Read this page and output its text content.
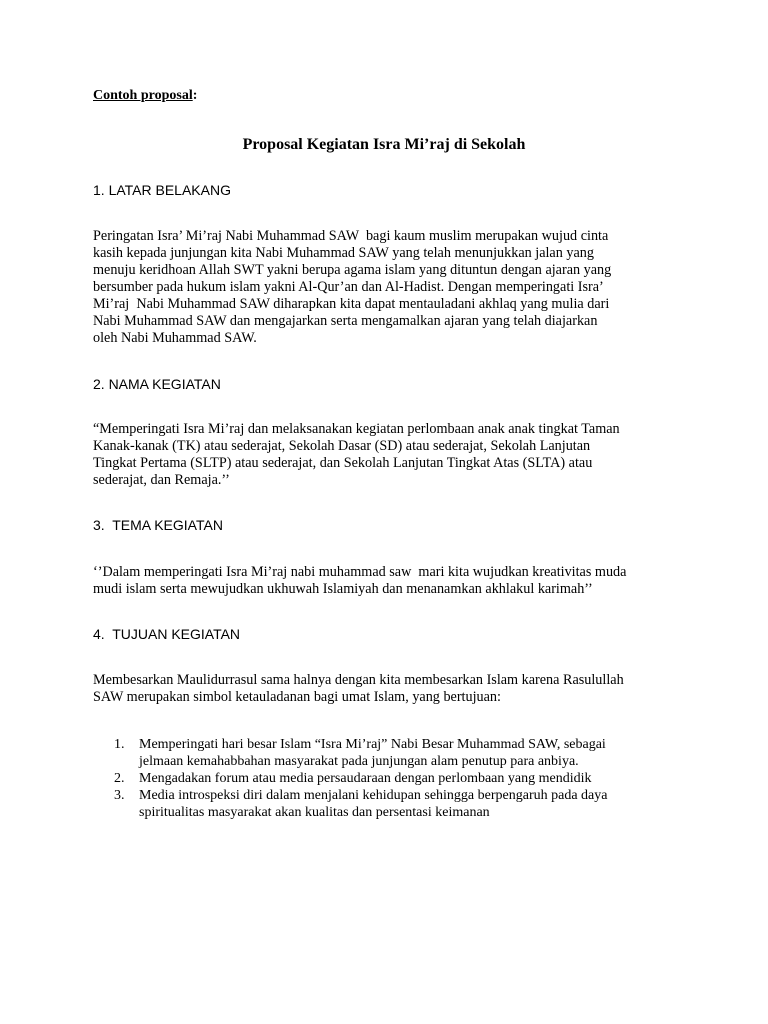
Contoh proposal:
Proposal Kegiatan Isra Mi’raj di Sekolah
1. LATAR BELAKANG
Peringatan Isra’ Mi’raj Nabi Muhammad SAW  bagi kaum muslim merupakan wujud cinta
kasih kepada junjungan kita Nabi Muhammad SAW yang telah menunjukkan jalan yang
menuju keridhoan Allah SWT yakni berupa agama islam yang dituntun dengan ajaran yang
bersumber pada hukum islam yakni Al-Qur’an dan Al-Hadist. Dengan memperingati Isra’
Mi’raj  Nabi Muhammad SAW diharapkan kita dapat mentauladani akhlaq yang mulia dari
Nabi Muhammad SAW dan mengajarkan serta mengamalkan ajaran yang telah diajarkan
oleh Nabi Muhammad SAW.
2. NAMA KEGIATAN
“Memperingati Isra Mi’raj dan melaksanakan kegiatan perlombaan anak anak tingkat Taman
Kanak-kanak (TK) atau sederajat, Sekolah Dasar (SD) atau sederajat, Sekolah Lanjutan
Tingkat Pertama (SLTP) atau sederajat, dan Sekolah Lanjutan Tingkat Atas (SLTA) atau
sederajat, dan Remaja.’’
3.  TEMA KEGIATAN
‘’Dalam memperingati Isra Mi’raj nabi muhammad saw  mari kita wujudkan kreativitas muda
mudi islam serta mewujudkan ukhuwah Islamiyah dan menanamkan akhlakul karimah’’
4.  TUJUAN KEGIATAN
Membesarkan Maulidurrasul sama halnya dengan kita membesarkan Islam karena Rasulullah
SAW merupakan simbol ketauladanan bagi umat Islam, yang bertujuan:
1. Memperingati hari besar Islam “Isra Mi’raj” Nabi Besar Muhammad SAW, sebagai
jelmaan kemahabbahan masyarakat pada junjungan alam penutup para anbiya.
2. Mengadakan forum atau media persaudaraan dengan perlombaan yang mendidik
3. Media introspeksi diri dalam menjalani kehidupan sehingga berpengaruh pada daya
spiritualitas masyarakat akan kualitas dan persentasi keimanan
